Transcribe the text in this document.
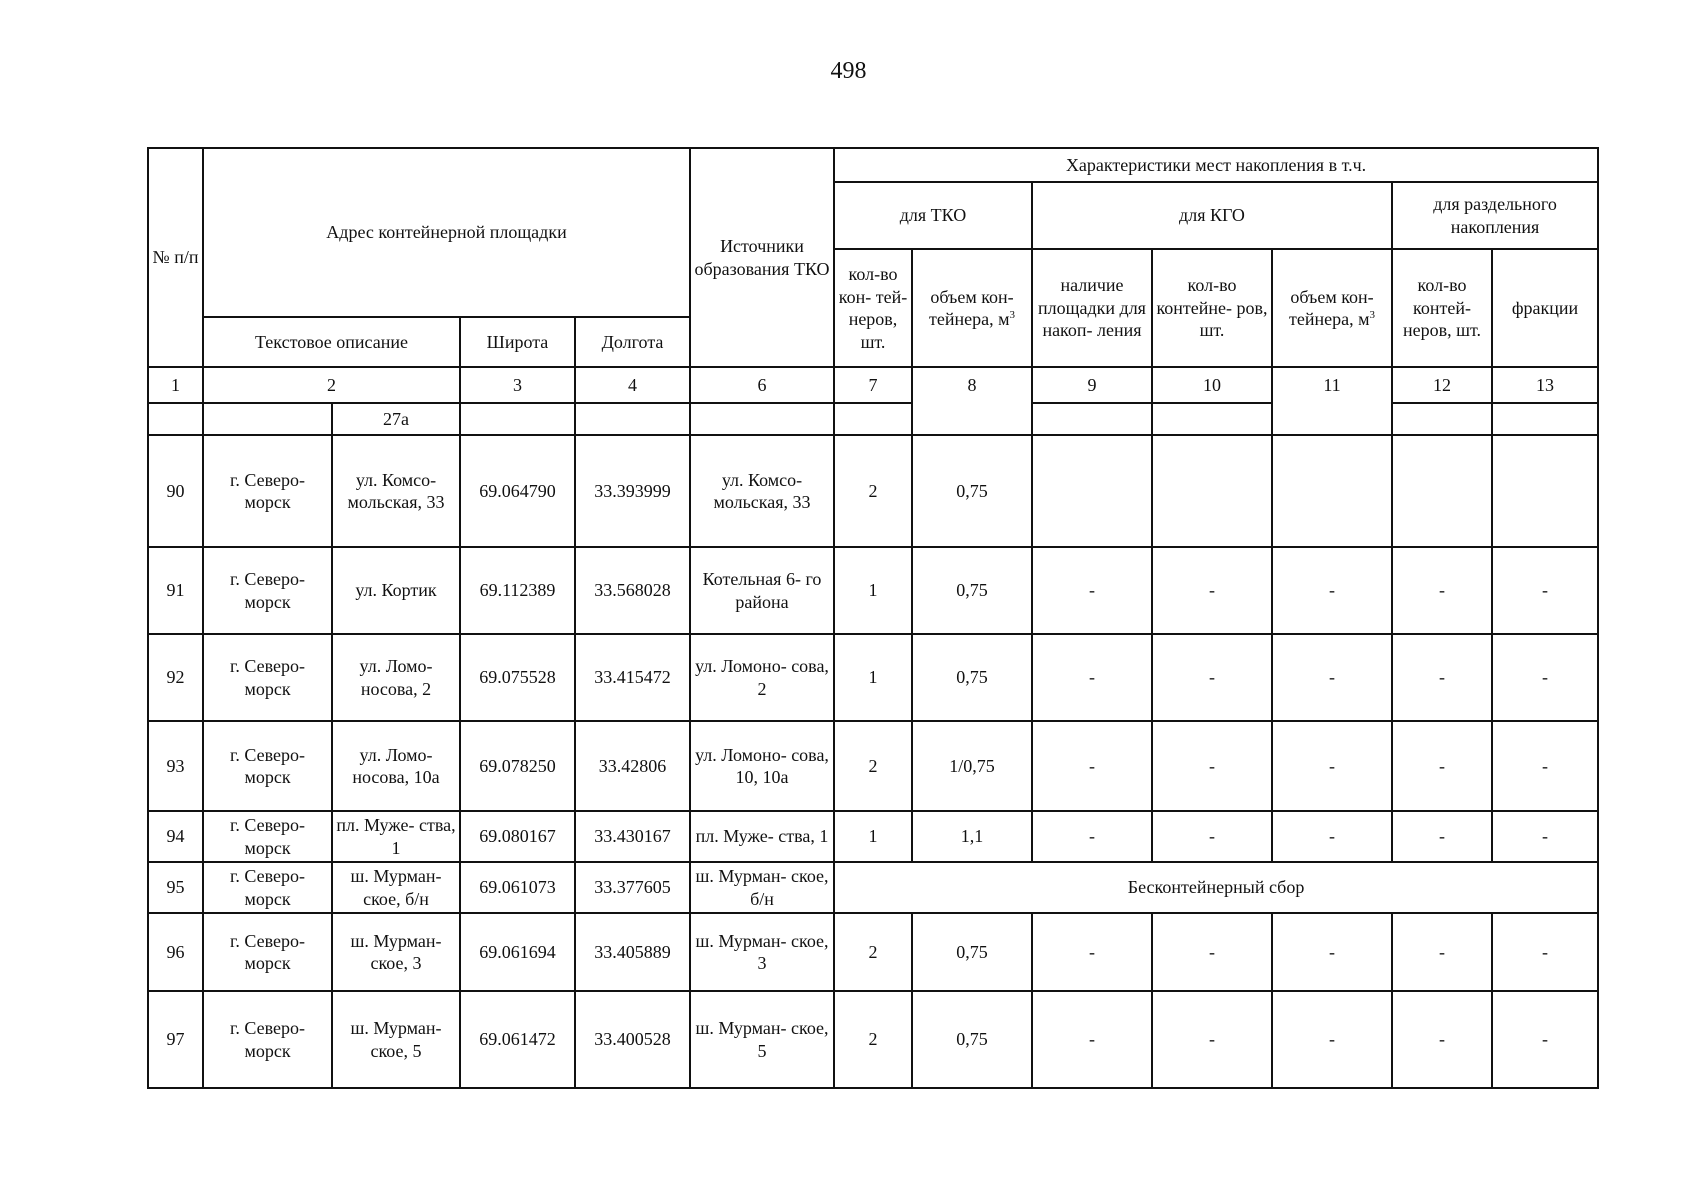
498
№ п/п	Адрес контейнерной площадки				Источники образования ТКО	Характеристики мест накопления в т.ч.						
						для ТКО		для КГО			для раздельного накопления	
						кол-во кон- тей- неров, шт.	объем кон- тейнера, $м^3$	наличие площадки для накоп- ления	кол-во контейне- ров, шт.	объем кон- тейнера, $м^3$	кол-во контей- неров, шт.	фракции
	Текстовое описание		Широта	Долгота								
1	2		3	4	6	7	8	9	10	11	12	13
		27а										
90	г. Северо- морск	ул. Комсо- мольская, 33	69.064790	33.393999	ул. Комсо- мольская, 33	2	0,75					
91	г. Северо- морск	ул. Кортик	69.112389	33.568028	Котельная 6- го района	1	0,75	-	-	-	-	-
92	г. Северо- морск	ул. Ломо- носова, 2	69.075528	33.415472	ул. Ломоно- сова, 2	1	0,75	-	-	-	-	-
93	г. Северо- морск	ул. Ломо- носова, 10а	69.078250	33.42806	ул. Ломоно- сова, 10, 10а	2	1/0,75	-	-	-	-	-
94	г. Северо- морск	пл. Муже- ства, 1	69.080167	33.430167	пл. Муже- ства, 1	1	1,1	-	-	-	-	-
95	г. Северо- морск	ш. Мурман- ское, б/н	69.061073	33.377605	ш. Мурман- ское, б/н	Бесконтейнерный сбор						
96	г. Северо- морск	ш. Мурман- ское, 3	69.061694	33.405889	ш. Мурман- ское, 3	2	0,75	-	-	-	-	-
97	г. Северо- морск	ш. Мурман- ское, 5	69.061472	33.400528	ш. Мурман- ское, 5	2	0,75	-	-	-	-	-
